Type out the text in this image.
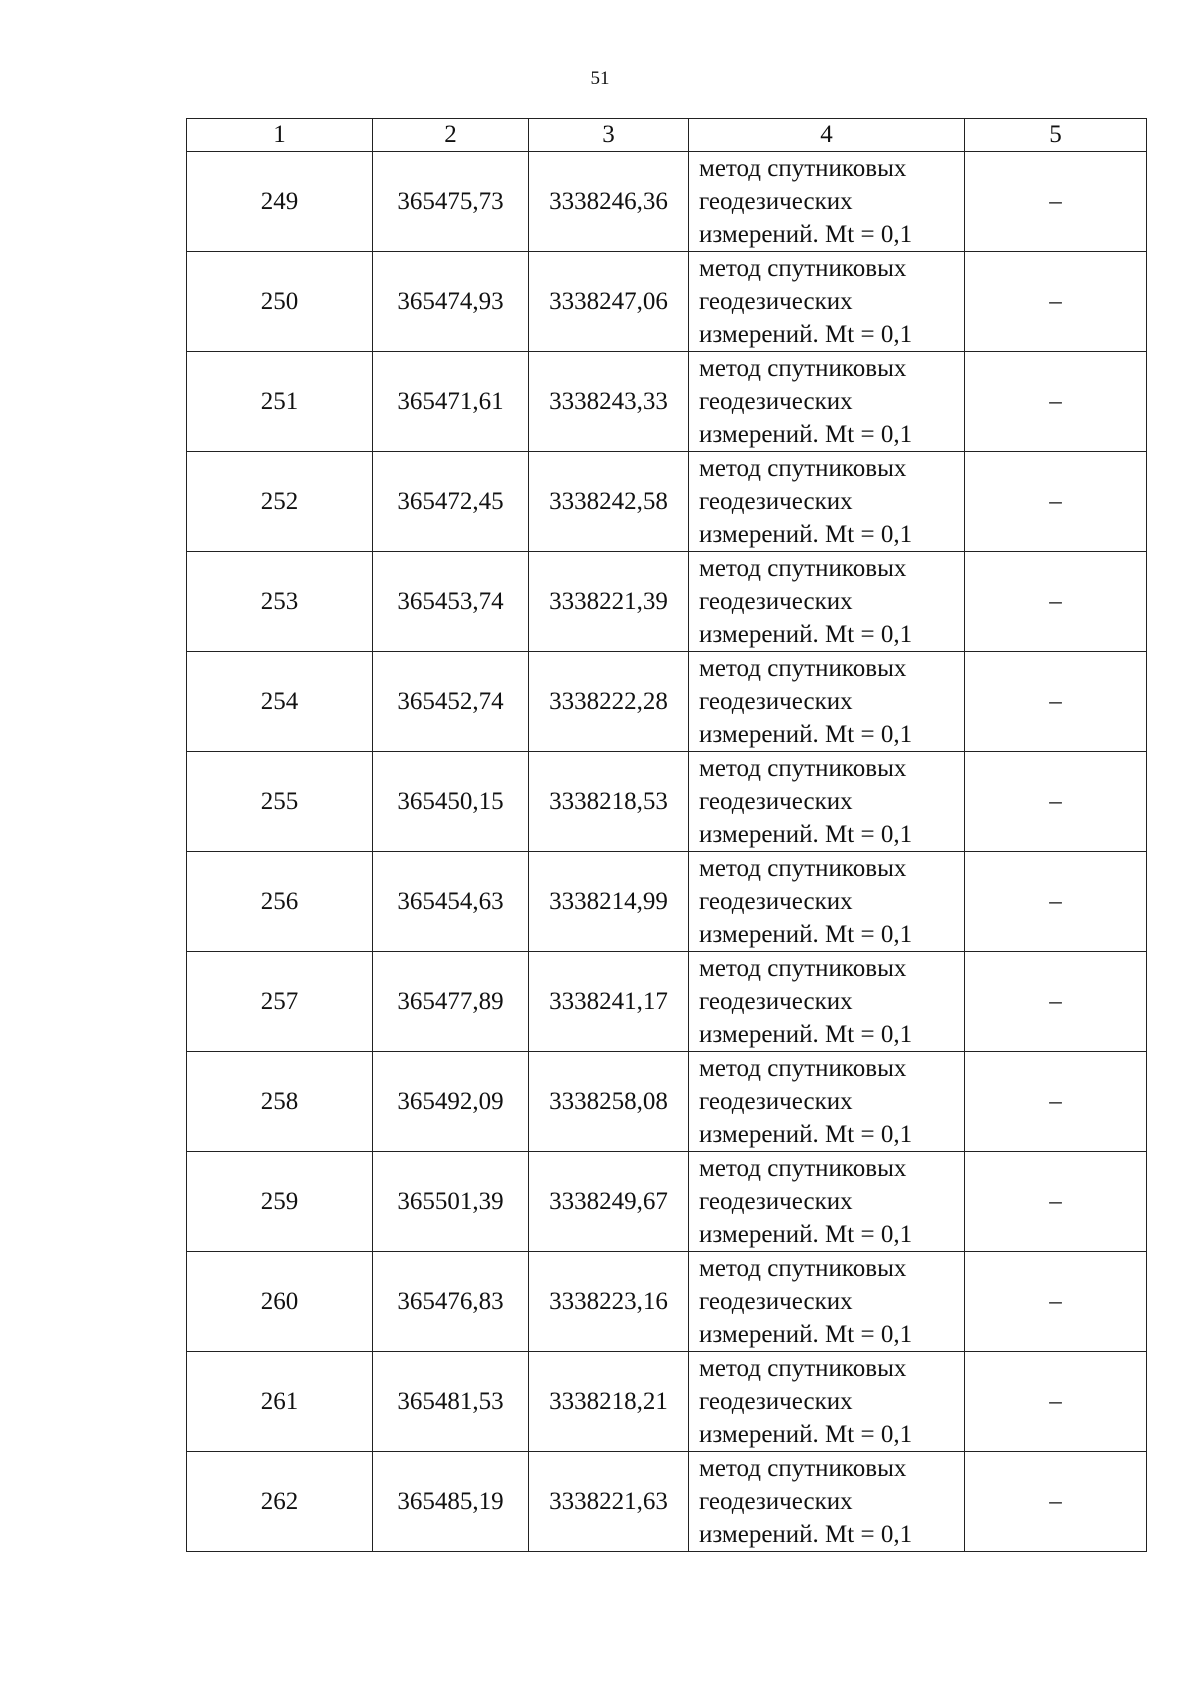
51
1	2	3	4	5
249	365475,73	3338246,36	метод спутниковых
геодезических
измерений. Mt = 0,1	–
250	365474,93	3338247,06	метод спутниковых
геодезических
измерений. Mt = 0,1	–
251	365471,61	3338243,33	метод спутниковых
геодезических
измерений. Mt = 0,1	–
252	365472,45	3338242,58	метод спутниковых
геодезических
измерений. Mt = 0,1	–
253	365453,74	3338221,39	метод спутниковых
геодезических
измерений. Mt = 0,1	–
254	365452,74	3338222,28	метод спутниковых
геодезических
измерений. Mt = 0,1	–
255	365450,15	3338218,53	метод спутниковых
геодезических
измерений. Mt = 0,1	–
256	365454,63	3338214,99	метод спутниковых
геодезических
измерений. Mt = 0,1	–
257	365477,89	3338241,17	метод спутниковых
геодезических
измерений. Mt = 0,1	–
258	365492,09	3338258,08	метод спутниковых
геодезических
измерений. Mt = 0,1	–
259	365501,39	3338249,67	метод спутниковых
геодезических
измерений. Mt = 0,1	–
260	365476,83	3338223,16	метод спутниковых
геодезических
измерений. Mt = 0,1	–
261	365481,53	3338218,21	метод спутниковых
геодезических
измерений. Mt = 0,1	–
262	365485,19	3338221,63	метод спутниковых
геодезических
измерений. Mt = 0,1	–
